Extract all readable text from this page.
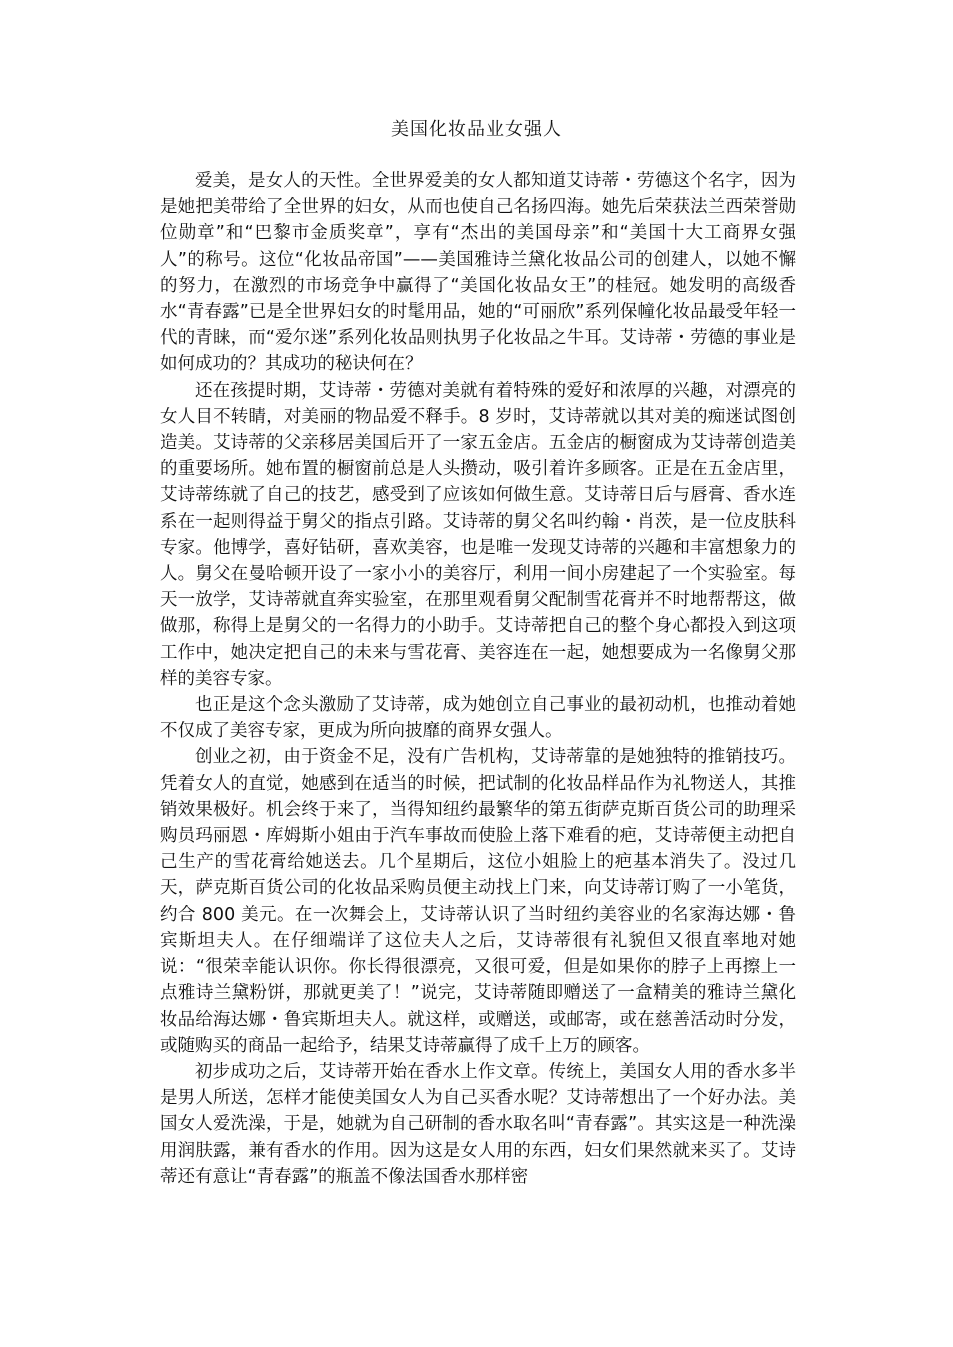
美国化妆品业女强人

爱美，是女人的天性。全世界爱美的女人都知道艾诗蒂・劳德这个名字，因为是她把美带给了全世界的妇女，从而也使自己名扬四海。她先后荣获法兰西荣誉勋位勋章”和“巴黎市金质奖章”，享有“杰出的美国母亲”和“美国十大工商界女强人”的称号。这位“化妆品帝国”——美国雅诗兰黛化妆品公司的创建人，以她不懈的努力，在激烈的市场竞争中赢得了“美国化妆品女王”的桂冠。她发明的高级香水“青春露”已是全世界妇女的时髦用品，她的“可丽欣”系列保幢化妆品最受年轻一代的青睐，而“爱尔迷”系列化妆品则执男子化妆品之牛耳。艾诗蒂・劳德的事业是如何成功的？其成功的秘诀何在？

还在孩提时期，艾诗蒂・劳德对美就有着特殊的爱好和浓厚的兴趣，对漂亮的女人目不转睛，对美丽的物品爱不释手。8 岁时，艾诗蒂就以其对美的痴迷试图创造美。艾诗蒂的父亲移居美国后开了一家五金店。五金店的橱窗成为艾诗蒂创造美的重要场所。她布置的橱窗前总是人头攒动，吸引着许多顾客。正是在五金店里，艾诗蒂练就了自己的技艺，感受到了应该如何做生意。艾诗蒂日后与唇膏、香水连系在一起则得益于舅父的指点引路。艾诗蒂的舅父名叫约翰・肖茨，是一位皮肤科专家。他博学，喜好钻研，喜欢美容，也是唯一发现艾诗蒂的兴趣和丰富想象力的人。舅父在曼哈顿开设了一家小小的美容厅，利用一间小房建起了一个实验室。每天一放学，艾诗蒂就直奔实验室，在那里观看舅父配制雪花膏并不时地帮帮这，做做那，称得上是舅父的一名得力的小助手。艾诗蒂把自己的整个身心都投入到这项工作中，她决定把自己的未来与雪花膏、美容连在一起，她想要成为一名像舅父那样的美容专家。

也正是这个念头激励了艾诗蒂，成为她创立自己事业的最初动机，也推动着她不仅成了美容专家，更成为所向披靡的商界女强人。

创业之初，由于资金不足，没有广告机构，艾诗蒂靠的是她独特的推销技巧。凭着女人的直觉，她感到在适当的时候，把试制的化妆品样品作为礼物送人，其推销效果极好。机会终于来了，当得知纽约最繁华的第五街萨克斯百货公司的助理采购员玛丽恩・库姆斯小姐由于汽车事故而使脸上落下难看的疤，艾诗蒂便主动把自己生产的雪花膏给她送去。几个星期后，这位小姐脸上的疤基本消失了。没过几天，萨克斯百货公司的化妆品采购员便主动找上门来，向艾诗蒂订购了一小笔货，约合 800 美元。在一次舞会上，艾诗蒂认识了当时纽约美容业的名家海达娜・鲁宾斯坦夫人。在仔细端详了这位夫人之后，艾诗蒂很有礼貌但又很直率地对她说：“很荣幸能认识你。你长得很漂亮，又很可爱，但是如果你的脖子上再擦上一点雅诗兰黛粉饼，那就更美了！”说完，艾诗蒂随即赠送了一盒精美的雅诗兰黛化妆品给海达娜・鲁宾斯坦夫人。就这样，或赠送，或邮寄，或在慈善活动时分发，或随购买的商品一起给予，结果艾诗蒂赢得了成千上万的顾客。

初步成功之后，艾诗蒂开始在香水上作文章。传统上，美国女人用的香水多半是男人所送，怎样才能使美国女人为自己买香水呢？艾诗蒂想出了一个好办法。美国女人爱洗澡，于是，她就为自己研制的香水取名叫“青春露”。其实这是一种洗澡用润肤露，兼有香水的作用。因为这是女人用的东西，妇女们果然就来买了。艾诗蒂还有意让“青春露”的瓶盖不像法国香水那样密
